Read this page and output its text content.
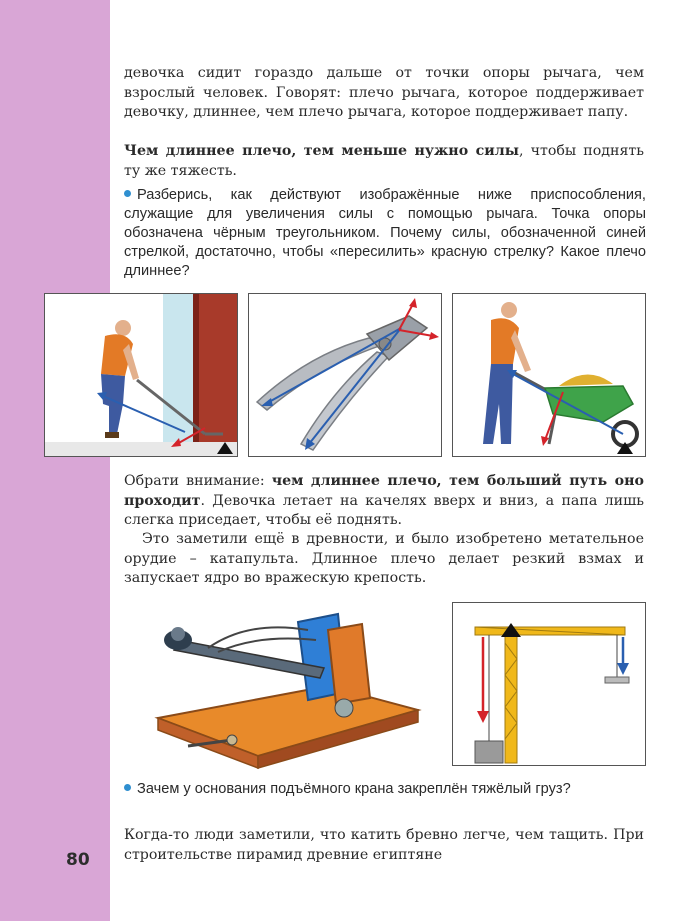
80

девочка сидит гораздо дальше от точки опоры рычага, чем взрослый человек. Говорят: плечо рычага, которое поддерживает девочку, длиннее, чем плечо рычага, которое поддерживает папу.

Чем длиннее плечо, тем меньше нужно силы, чтобы поднять ту же тяжесть.

Разберись, как действуют изображённые ниже приспособления, служащие для увеличения силы с помощью рычага. Точка опоры обозначена чёрным треугольником. Почему силы, обозначенной синей стрелкой, достаточно, чтобы «пересилить» красную стрелку? Какое плечо длиннее?

Обрати внимание: чем длиннее плечо, тем больший путь оно проходит. Девочка летает на качелях вверх и вниз, а папа лишь слегка приседает, чтобы её поднять.

Это заметили ещё в древности, и было изобретено метательное орудие – катапульта. Длинное плечо делает резкий взмах и запускает ядро во вражескую крепость.

Зачем у основания подъёмного крана закреплён тяжёлый груз?

Когда-то люди заметили, что катить бревно легче, чем тащить. При строительстве пирамид древние египтяне
